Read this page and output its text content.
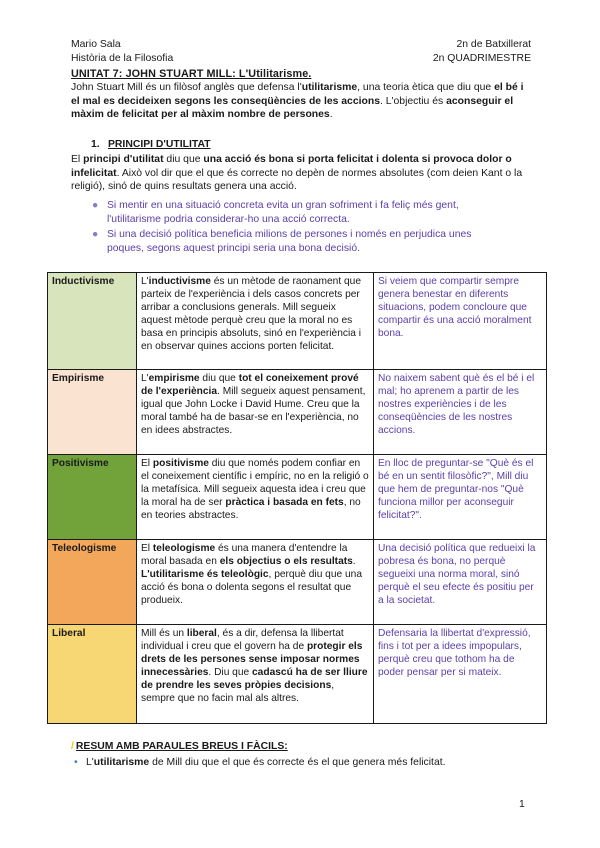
Mario Sala	2n de Batxillerat
Història de la Filosofia	2n QUADRIMESTRE
UNITAT 7: JOHN STUART MILL: L'Utilitarisme.
John Stuart Mill és un filòsof anglès que defensa l'utilitarisme, una teoria ètica que diu que el bé i el mal es decideixen segons les conseqüències de les accions. L'objectiu és aconseguir el màxim de felicitat per al màxim nombre de persones.
1. PRINCIPI D'UTILITAT
El principi d'utilitat diu que una acció és bona si porta felicitat i dolenta si provoca dolor o infelicitat. Això vol dir que el que és correcte no depèn de normes absolutes (com deien Kant o la religió), sinó de quins resultats genera una acció.
● Si mentir en una situació concreta evita un gran sofriment i fa feliç més gent, l'utilitarisme podria considerar-ho una acció correcta.
● Si una decisió política beneficia milions de persones i només en perjudica unes poques, segons aquest principi seria una bona decisió.
Inductivisme	L'inductivisme és un mètode de raonament que parteix de l'experiència i dels casos concrets per arribar a conclusions generals. Mill segueix aquest mètode perquè creu que la moral no es basa en principis absoluts, sinó en l'experiència i en observar quines accions porten felicitat.	Si veiem que compartir sempre genera benestar en diferents situacions, podem concloure que compartir és una acció moralment bona.
Empirisme	L'empirisme diu que tot el coneixement prové de l'experiència. Mill segueix aquest pensament, igual que John Locke i David Hume. Creu que la moral també ha de basar-se en l'experiència, no en idees abstractes.	No naixem sabent què és el bé i el mal; ho aprenem a partir de les nostres experiències i de les conseqüències de les nostres accions.
Positivisme	El positivisme diu que només podem confiar en el coneixement científic i empíric, no en la religió o la metafísica. Mill segueix aquesta idea i creu que la moral ha de ser pràctica i basada en fets, no en teories abstractes.	En lloc de preguntar-se "Què és el bé en un sentit filosòfic?", Mill diu que hem de preguntar-nos "Què funciona millor per aconseguir felicitat?".
Teleologisme	El teleologisme és una manera d'entendre la moral basada en els objectius o els resultats.
L'utilitarisme és teleològic, perquè diu que una acció és bona o dolenta segons el resultat que produeix.	Una decisió política que redueixi la pobresa és bona, no perquè segueixi una norma moral, sinó perquè el seu efecte és positiu per a la societat.
Liberal	Mill és un liberal, és a dir, defensa la llibertat individual i creu que el govern ha de protegir els drets de les persones sense imposar normes innecessàries. Diu que cadascú ha de ser lliure de prendre les seves pròpies decisions, sempre que no facin mal als altres.	Defensaria la llibertat d'expressió, fins i tot per a idees impopulars, perquè creu que tothom ha de poder pensar per si mateix.
/ RESUM AMB PARAULES BREUS I FÀCILS:
• L'utilitarisme de Mill diu que el que és correcte és el que genera més felicitat.
1
